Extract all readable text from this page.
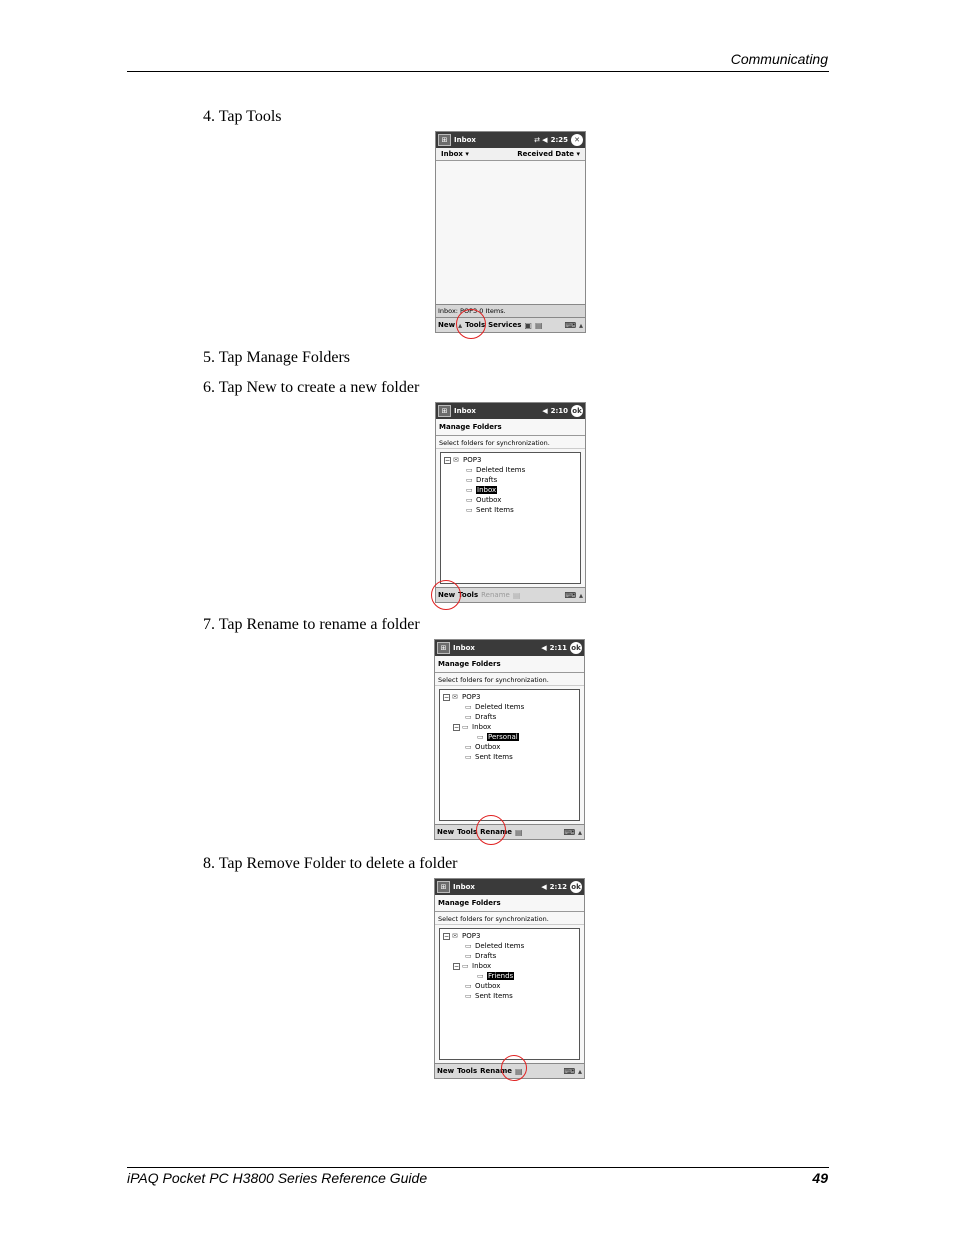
Communicating
4. Tap Tools
5. Tap Manage Folders
6. Tap New to create a new folder
7. Tap Rename to rename a folder
8. Tap Remove Folder to delete a folder
⊞ Inbox	⇄ ◀ 2:25 ✕
Inbox ▾	Received Date ▾
Inbox: POP3 0 Items.
New ▴ Tools Services ▣ ▤	⌨ ▴
⊞ Inbox	◀ 2:10 ok
Manage Folders
Select folders for synchronization.
− ✉ POP3
▭ Deleted Items
▭ Drafts
▭ Inbox
▭ Outbox
▭ Sent Items
New Tools Rename ▤	⌨ ▴
⊞ Inbox	◀ 2:11 ok
Manage Folders
Select folders for synchronization.
− ✉ POP3
▭ Deleted Items
▭ Drafts
− ▭ Inbox
▭ Personal
▭ Outbox
▭ Sent Items
New Tools Rename ▤	⌨ ▴
⊞ Inbox	◀ 2:12 ok
Manage Folders
Select folders for synchronization.
− ✉ POP3
▭ Deleted Items
▭ Drafts
− ▭ Inbox
▭ Friends
▭ Outbox
▭ Sent Items
New Tools Rename ▤	⌨ ▴
iPAQ Pocket PC H3800 Series Reference Guide	49
